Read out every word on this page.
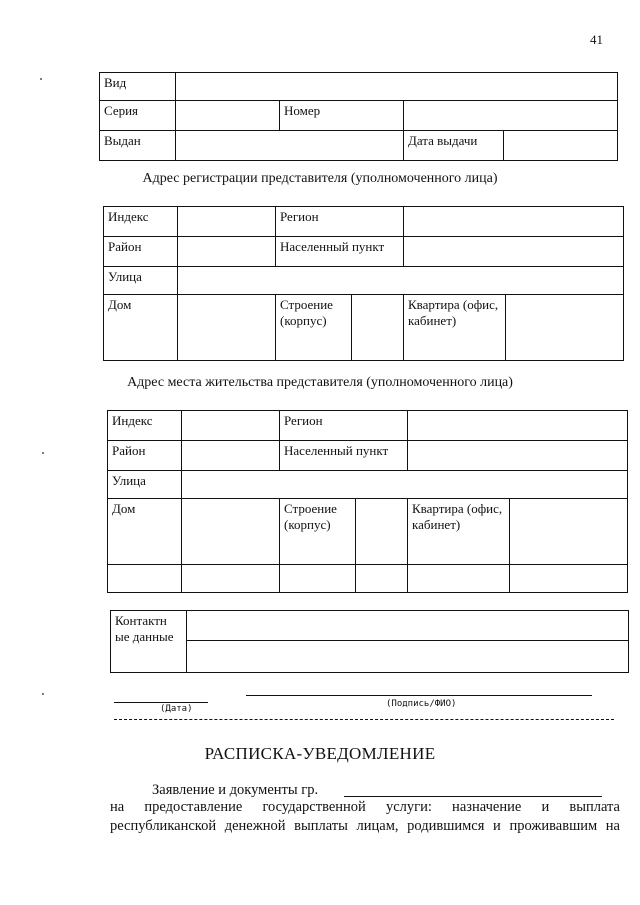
41
Вид				
Серия		Номер		
Выдан			Дата выдачи	
Адрес регистрации представителя (уполномоченного лица)
Индекс		Регион			
Район		Населенный пункт			
Улица					
Дом		Строение (корпус)		Квартира (офис, кабинет)	
Адрес места жительства представителя (уполномоченного лица)
Индекс		Регион			
Район		Населенный пункт			
Улица					
Дом		Строение (корпус)		Квартира (офис, кабинет)	

Контактн ые данные	

(Дата)	(Подпись/ФИО)
РАСПИСКА-УВЕДОМЛЕНИЕ
Заявление и документы гр.
на предоставление государственной услуги: назначение и выплата
республиканской денежной выплаты лицам, родившимся и проживавшим на
